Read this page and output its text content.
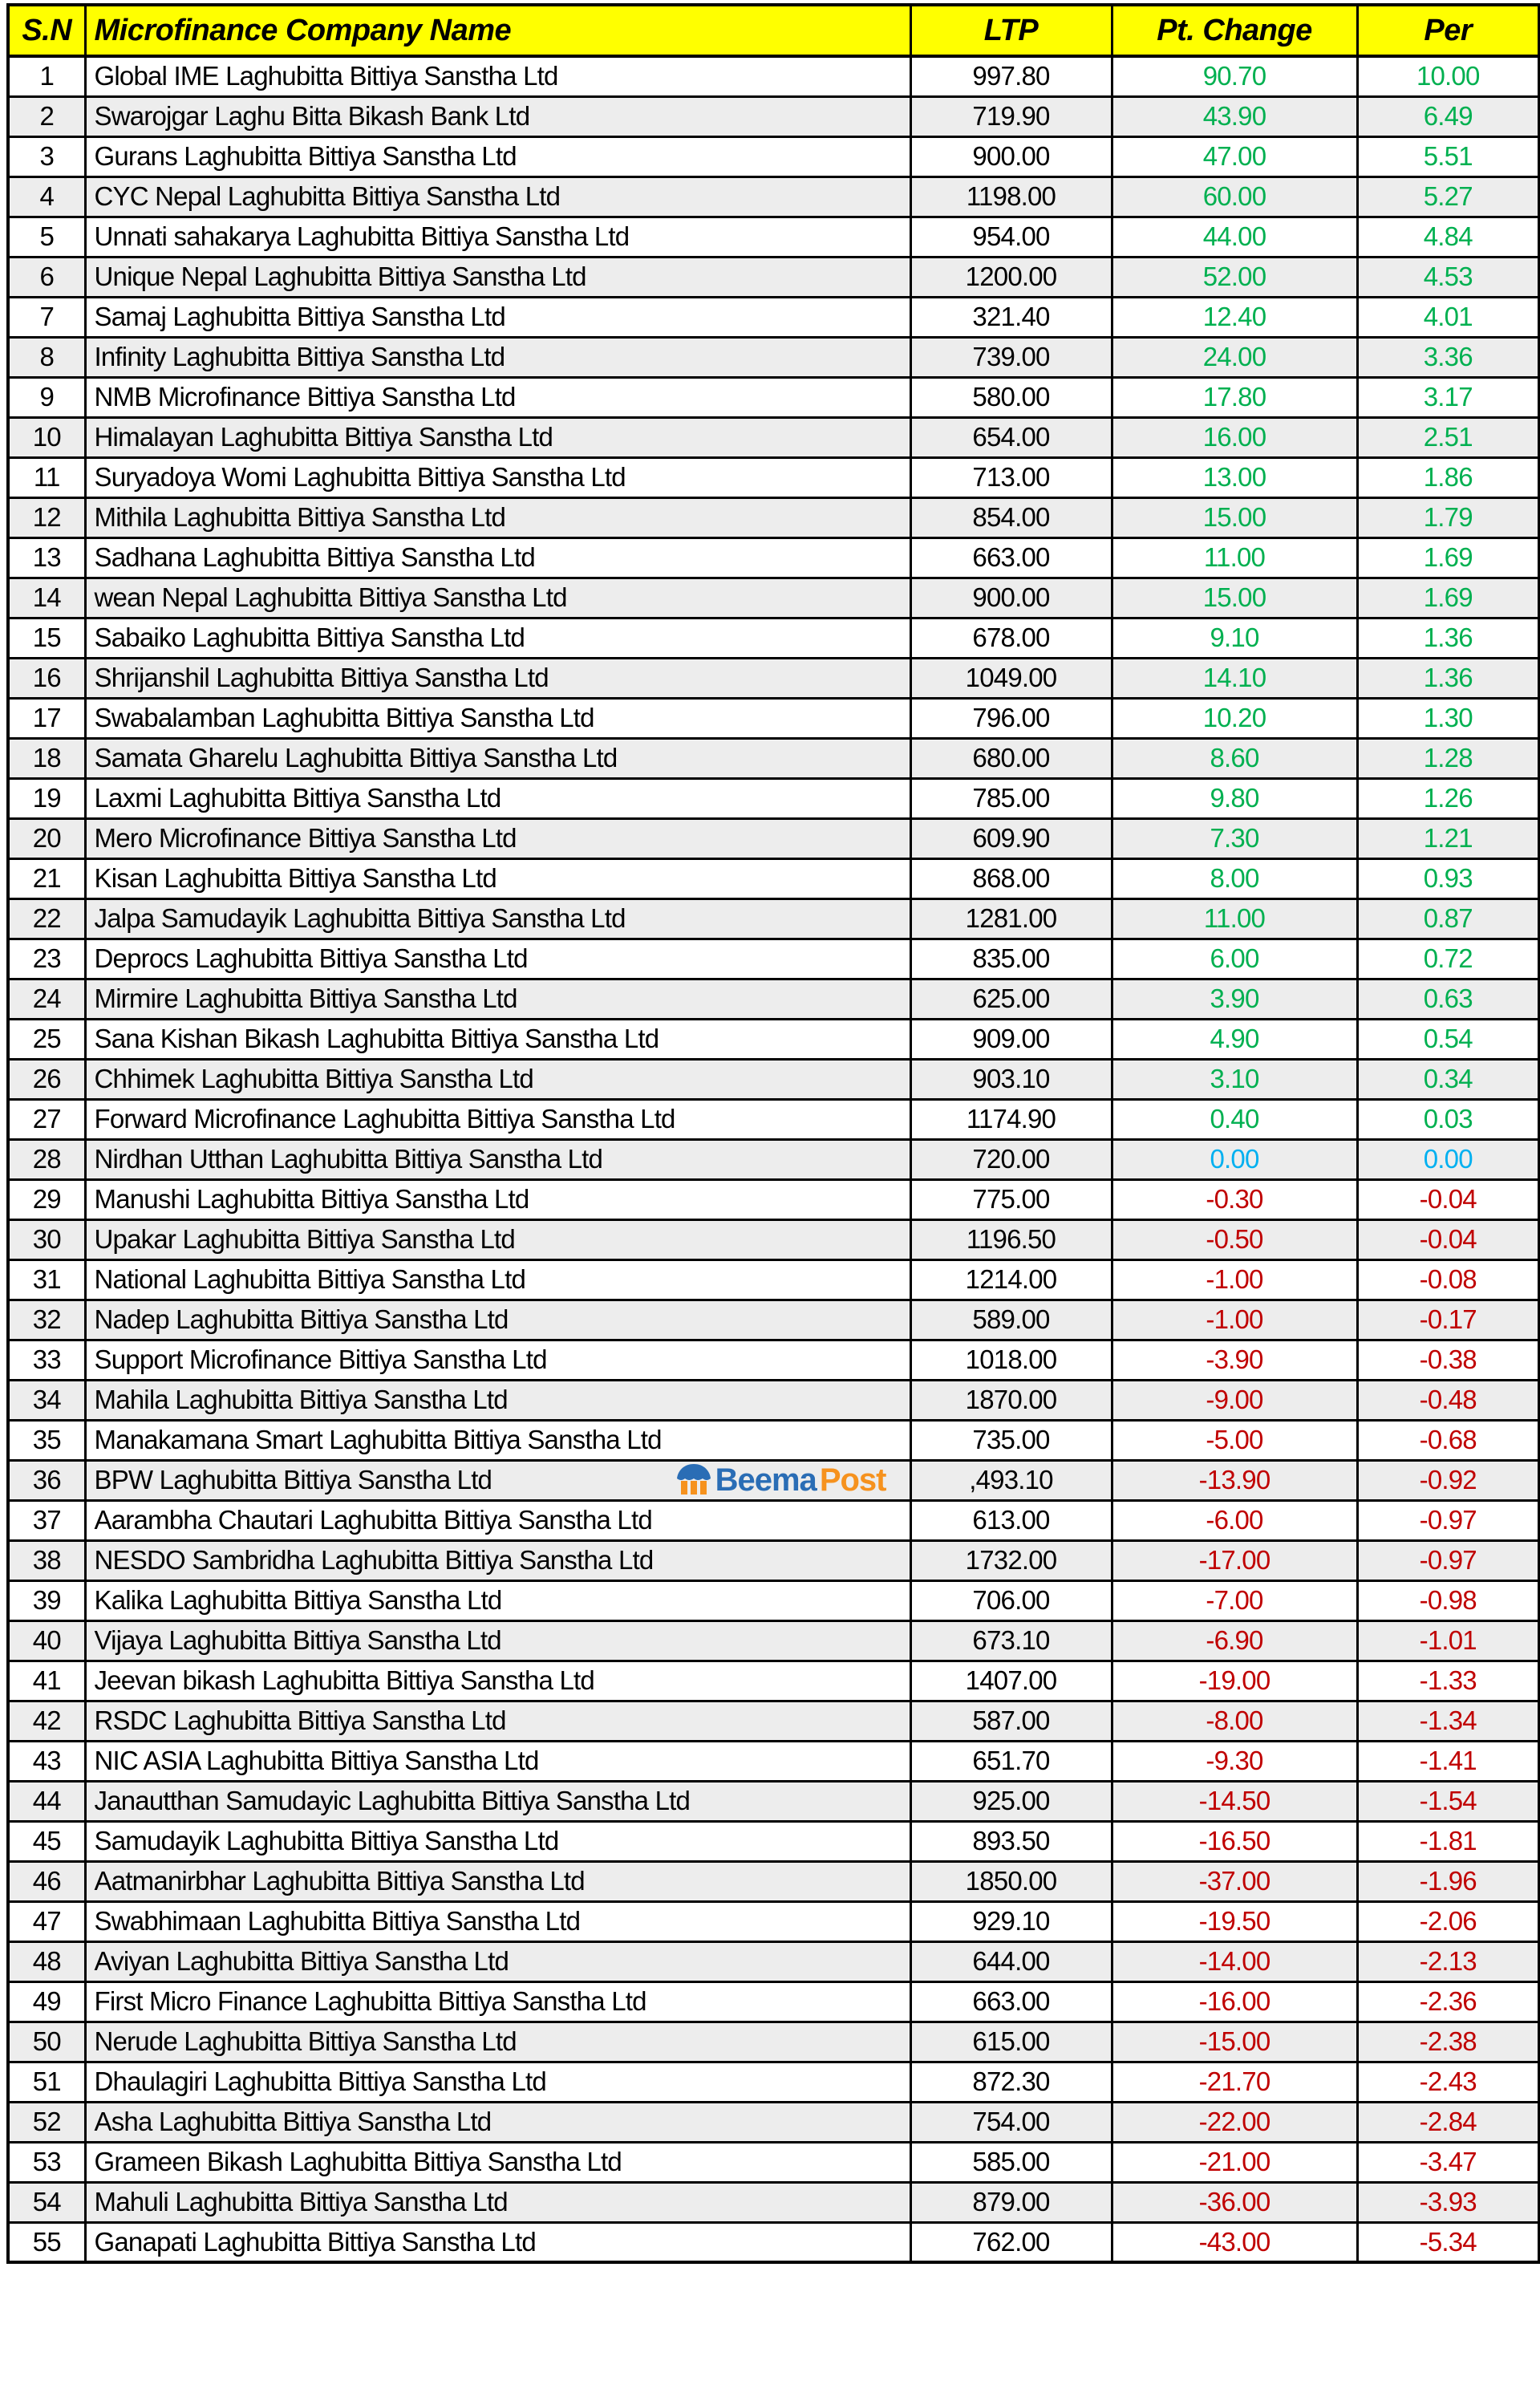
S.N	Microfinance Company Name	LTP	Pt. Change	Per
1	Global IME Laghubitta Bittiya Sanstha Ltd	997.80	90.70	10.00
2	Swarojgar Laghu Bitta Bikash Bank Ltd	719.90	43.90	6.49
3	Gurans Laghubitta Bittiya Sanstha Ltd	900.00	47.00	5.51
4	CYC Nepal Laghubitta Bittiya Sanstha Ltd	1198.00	60.00	5.27
5	Unnati sahakarya Laghubitta Bittiya Sanstha Ltd	954.00	44.00	4.84
6	Unique Nepal Laghubitta Bittiya Sanstha Ltd	1200.00	52.00	4.53
7	Samaj Laghubitta Bittiya Sanstha Ltd	321.40	12.40	4.01
8	Infinity Laghubitta Bittiya Sanstha Ltd	739.00	24.00	3.36
9	NMB Microfinance Bittiya Sanstha Ltd	580.00	17.80	3.17
10	Himalayan Laghubitta Bittiya Sanstha Ltd	654.00	16.00	2.51
11	Suryadoya Womi Laghubitta Bittiya Sanstha Ltd	713.00	13.00	1.86
12	Mithila Laghubitta Bittiya Sanstha Ltd	854.00	15.00	1.79
13	Sadhana Laghubitta Bittiya Sanstha Ltd	663.00	11.00	1.69
14	wean Nepal Laghubitta Bittiya Sanstha Ltd	900.00	15.00	1.69
15	Sabaiko Laghubitta Bittiya Sanstha Ltd	678.00	9.10	1.36
16	Shrijanshil Laghubitta Bittiya Sanstha Ltd	1049.00	14.10	1.36
17	Swabalamban Laghubitta Bittiya Sanstha Ltd	796.00	10.20	1.30
18	Samata Gharelu Laghubitta Bittiya Sanstha Ltd	680.00	8.60	1.28
19	Laxmi Laghubitta Bittiya Sanstha Ltd	785.00	9.80	1.26
20	Mero Microfinance Bittiya Sanstha Ltd	609.90	7.30	1.21
21	Kisan Laghubitta Bittiya Sanstha Ltd	868.00	8.00	0.93
22	Jalpa Samudayik Laghubitta Bittiya Sanstha Ltd	1281.00	11.00	0.87
23	Deprocs Laghubitta Bittiya Sanstha Ltd	835.00	6.00	0.72
24	Mirmire Laghubitta Bittiya Sanstha Ltd	625.00	3.90	0.63
25	Sana Kishan Bikash Laghubitta Bittiya Sanstha Ltd	909.00	4.90	0.54
26	Chhimek Laghubitta Bittiya Sanstha Ltd	903.10	3.10	0.34
27	Forward Microfinance Laghubitta Bittiya Sanstha Ltd	1174.90	0.40	0.03
28	Nirdhan Utthan Laghubitta Bittiya Sanstha Ltd	720.00	0.00	0.00
29	Manushi Laghubitta Bittiya Sanstha Ltd	775.00	-0.30	-0.04
30	Upakar Laghubitta Bittiya Sanstha Ltd	1196.50	-0.50	-0.04
31	National Laghubitta Bittiya Sanstha Ltd	1214.00	-1.00	-0.08
32	Nadep Laghubitta Bittiya Sanstha Ltd	589.00	-1.00	-0.17
33	Support Microfinance Bittiya Sanstha Ltd	1018.00	-3.90	-0.38
34	Mahila Laghubitta Bittiya Sanstha Ltd	1870.00	-9.00	-0.48
35	Manakamana Smart Laghubitta Bittiya Sanstha Ltd	735.00	-5.00	-0.68
36	BPW Laghubitta Bittiya Sanstha Ltd Beema Post	,493.10	-13.90	-0.92
37	Aarambha Chautari Laghubitta Bittiya Sanstha Ltd	613.00	-6.00	-0.97
38	NESDO Sambridha Laghubitta Bittiya Sanstha Ltd	1732.00	-17.00	-0.97
39	Kalika Laghubitta Bittiya Sanstha Ltd	706.00	-7.00	-0.98
40	Vijaya Laghubitta Bittiya Sanstha Ltd	673.10	-6.90	-1.01
41	Jeevan bikash Laghubitta Bittiya Sanstha Ltd	1407.00	-19.00	-1.33
42	RSDC Laghubitta Bittiya Sanstha Ltd	587.00	-8.00	-1.34
43	NIC ASIA Laghubitta Bittiya Sanstha Ltd	651.70	-9.30	-1.41
44	Janautthan Samudayic Laghubitta Bittiya Sanstha Ltd	925.00	-14.50	-1.54
45	Samudayik Laghubitta Bittiya Sanstha Ltd	893.50	-16.50	-1.81
46	Aatmanirbhar Laghubitta Bittiya Sanstha Ltd	1850.00	-37.00	-1.96
47	Swabhimaan Laghubitta Bittiya Sanstha Ltd	929.10	-19.50	-2.06
48	Aviyan Laghubitta Bittiya Sanstha Ltd	644.00	-14.00	-2.13
49	First Micro Finance Laghubitta Bittiya Sanstha Ltd	663.00	-16.00	-2.36
50	Nerude Laghubitta Bittiya Sanstha Ltd	615.00	-15.00	-2.38
51	Dhaulagiri Laghubitta Bittiya Sanstha Ltd	872.30	-21.70	-2.43
52	Asha Laghubitta Bittiya Sanstha Ltd	754.00	-22.00	-2.84
53	Grameen Bikash Laghubitta Bittiya Sanstha Ltd	585.00	-21.00	-3.47
54	Mahuli Laghubitta Bittiya Sanstha Ltd	879.00	-36.00	-3.93
55	Ganapati Laghubitta Bittiya Sanstha Ltd	762.00	-43.00	-5.34
